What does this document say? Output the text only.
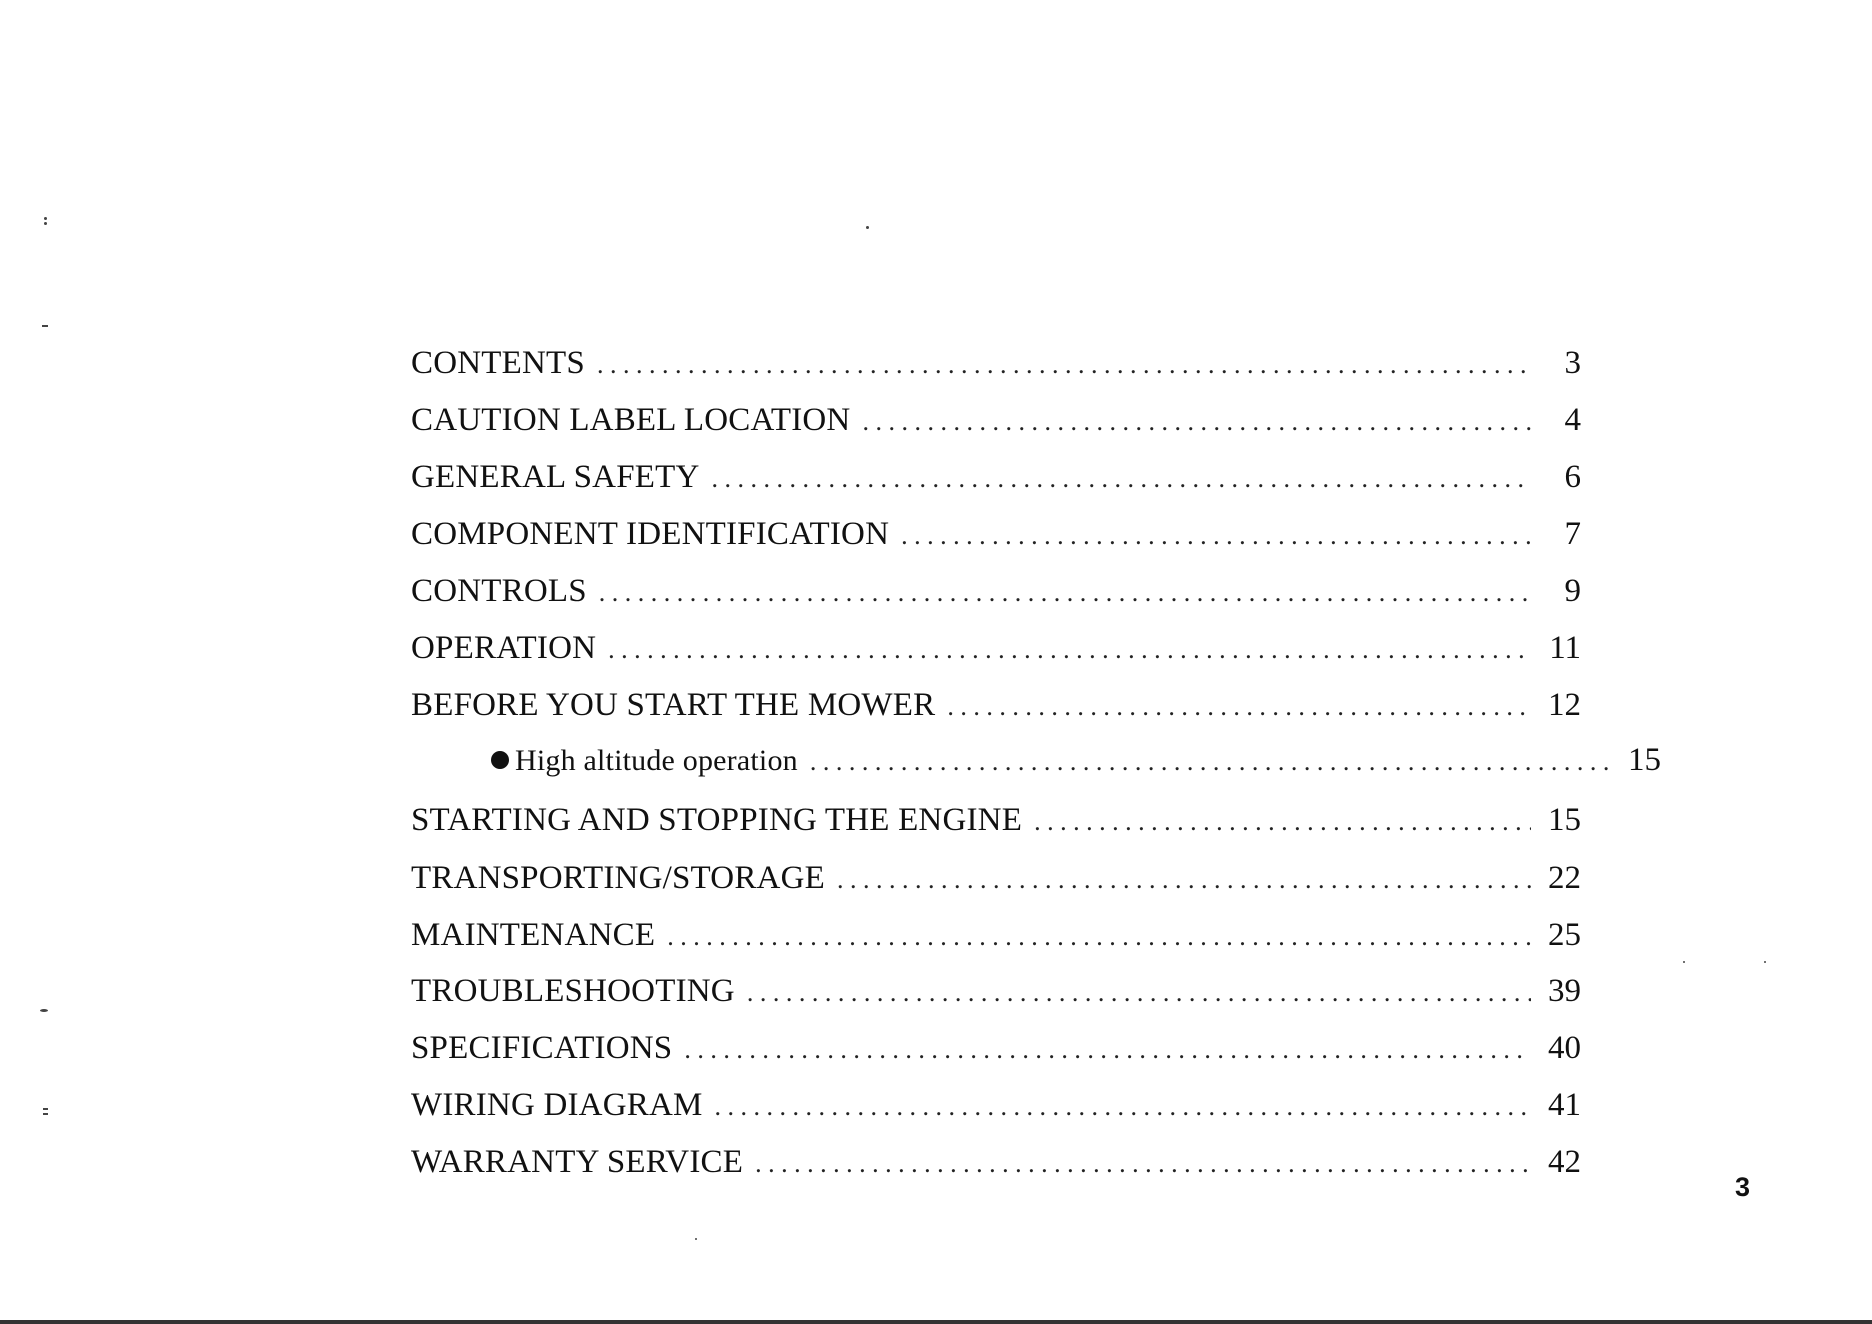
CONTENTS . . .	3
CAUTION LABEL LOCATION . . .	4
GENERAL SAFETY . . .	6
COMPONENT IDENTIFICATION . . .	7
CONTROLS . . .	9
OPERATION . . .	11
BEFORE YOU START THE MOWER . . .	12
High altitude operation . . .	15
STARTING AND STOPPING THE ENGINE . . .	15
TRANSPORTING/STORAGE . . .	22
MAINTENANCE . . .	25
TROUBLESHOOTING . . .	39
SPECIFICATIONS . . .	40
WIRING DIAGRAM . . .	41
WARRANTY SERVICE . . .	42
3
